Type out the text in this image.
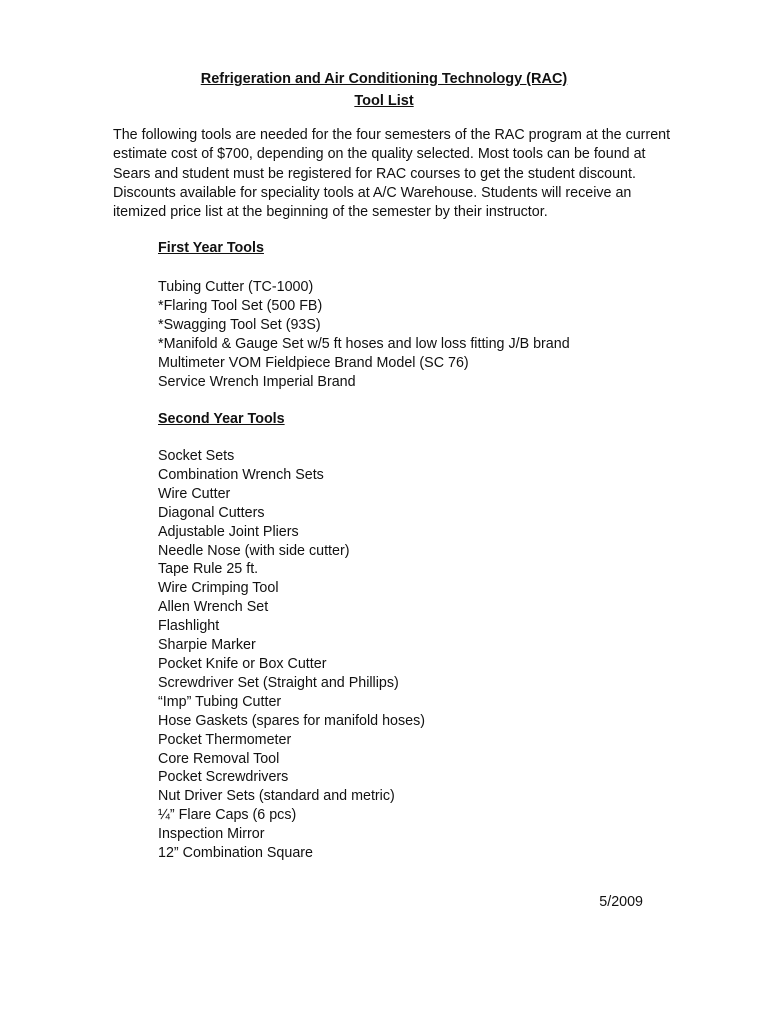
Refrigeration and Air Conditioning Technology (RAC)
Tool List
The following tools are needed for the four semesters of the RAC program at the current
estimate cost of $700, depending on the quality selected. Most tools can be found at
Sears and student must be registered for RAC courses to get the student discount.
Discounts available for speciality tools at A/C Warehouse. Students will receive an
itemized price list at the beginning of the semester by their instructor.
First Year Tools
Tubing Cutter (TC-1000)
*Flaring Tool Set (500 FB)
*Swagging Tool Set (93S)
*Manifold & Gauge Set w/5 ft hoses and low loss fitting J/B brand
Multimeter VOM Fieldpiece Brand Model (SC 76)
Service Wrench Imperial Brand
Second Year Tools
Socket Sets
Combination Wrench Sets
Wire Cutter
Diagonal Cutters
Adjustable Joint Pliers
Needle Nose (with side cutter)
Tape Rule 25 ft.
Wire Crimping Tool
Allen Wrench Set
Flashlight
Sharpie Marker
Pocket Knife or Box Cutter
Screwdriver Set (Straight and Phillips)
“Imp” Tubing Cutter
Hose Gaskets (spares for manifold hoses)
Pocket Thermometer
Core Removal Tool
Pocket Screwdrivers
Nut Driver Sets (standard and metric)
¼” Flare Caps (6 pcs)
Inspection Mirror
12” Combination Square
5/2009
